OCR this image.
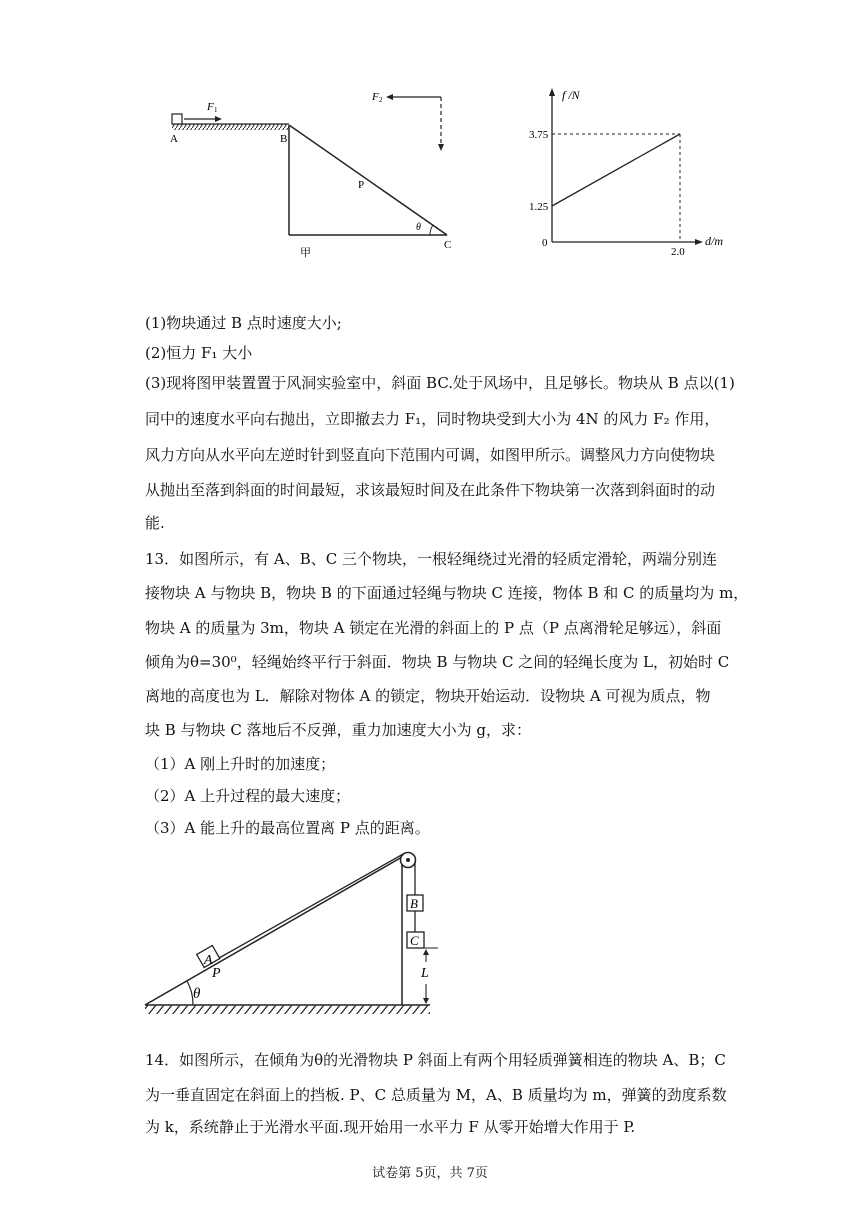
F 1
A	B
P
θ
C
甲
F 2
3.75
1.25
0
2.0
f /N
d/m
(1)物块通过 B 点时速度大小;
(2)恒力 F₁ 大小
(3)现将图甲装置置于风洞实验室中，斜面 BC.处于风场中，且足够长。物块从 B 点以(1)
同中的速度水平向右抛出，立即撤去力 F₁，同时物块受到大小为 4N 的风力 F₂ 作用，
风力方向从水平向左逆时针到竖直向下范围内可调，如图甲所示。调整风力方向使物块
从抛出至落到斜面的时间最短，求该最短时间及在此条件下物块第一次落到斜面时的动
能.
13．如图所示，有 A、B、C 三个物块，一根轻绳绕过光滑的轻质定滑轮，两端分别连
接物块 A 与物块 B，物块 B 的下面通过轻绳与物块 C 连接，物体 B 和 C 的质量均为 m，
物块 A 的质量为 3m，物块 A 锁定在光滑的斜面上的 P 点（P 点离滑轮足够远），斜面
倾角为θ=30⁰，轻绳始终平行于斜面．物块 B 与物块 C 之间的轻绳长度为 L，初始时 C
离地的高度也为 L．解除对物体 A 的锁定，物块开始运动．设物块 A 可视为质点，物
块 B 与物块 C 落地后不反弹，重力加速度大小为 g，求：
（1）A 刚上升时的加速度；
（2）A 上升过程的最大速度；
（3）A 能上升的最高位置离 P 点的距离。
A
P
θ
B
C
L
14．如图所示，在倾角为θ的光滑物块 P 斜面上有两个用轻质弹簧相连的物块 A、B；C
为一垂直固定在斜面上的挡板. P、C 总质量为 M，A、B 质量均为 m，弹簧的劲度系数
为 k，系统静止于光滑水平面.现开始用一水平力 F 从零开始增大作用于 P.
试卷第 5页，共 7页
